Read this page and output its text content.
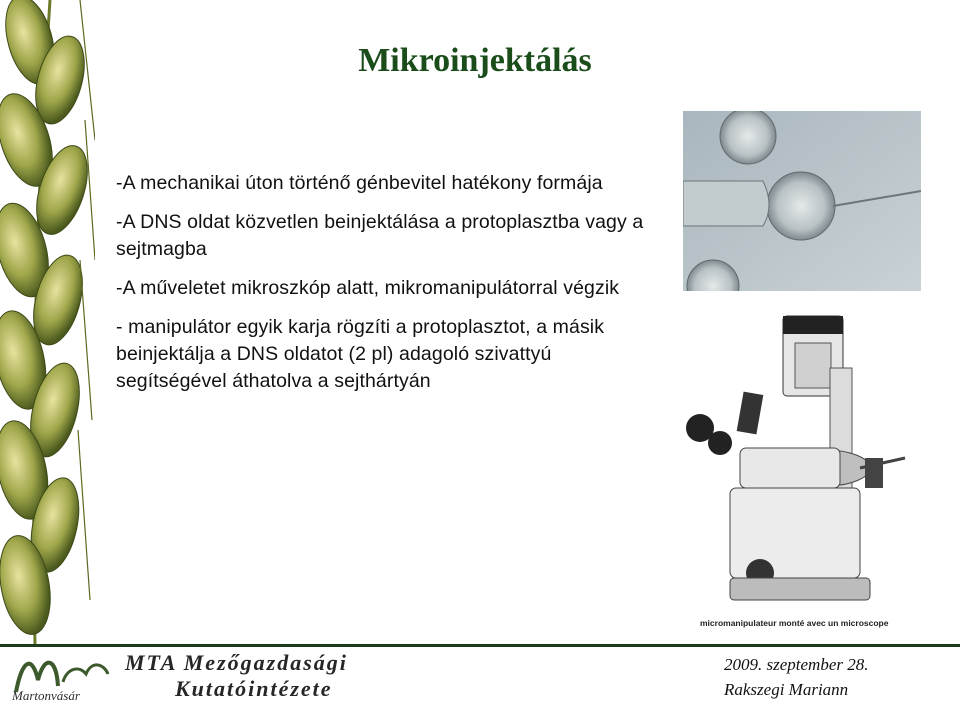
Mikroinjektálás
-A mechanikai úton történő génbevitel hatékony formája
-A DNS oldat közvetlen beinjektálása a protoplasztba vagy a sejtmagba
-A műveletet mikroszkóp alatt, mikromanipulátorral végzik
- manipulátor egyik karja rögzíti a protoplasztot, a másik beinjektálja a DNS oldatot (2 pl) adagoló szivattyú segítségével áthatolva a sejthártyán
micromanipulateur monté avec un microscope
Martonvásár
MTA Mezőgazdasági
Kutatóintézete
2009. szeptember 28.
Rakszegi Mariann
